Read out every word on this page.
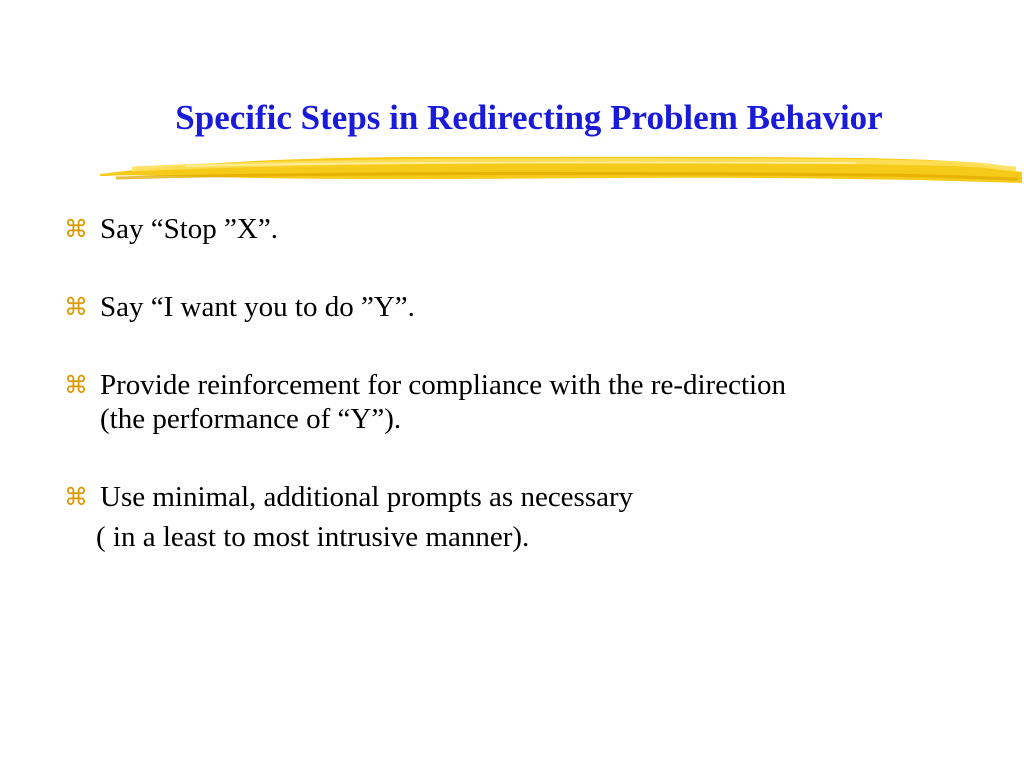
Specific Steps in Redirecting Problem Behavior
⌘ Say “Stop ”X”.
⌘ Say “I want you to do ”Y”.
⌘ Provide reinforcement for compliance with the re-direction
(the performance of “Y”).
⌘ Use minimal, additional prompts as necessary
( in a least to most intrusive manner).
